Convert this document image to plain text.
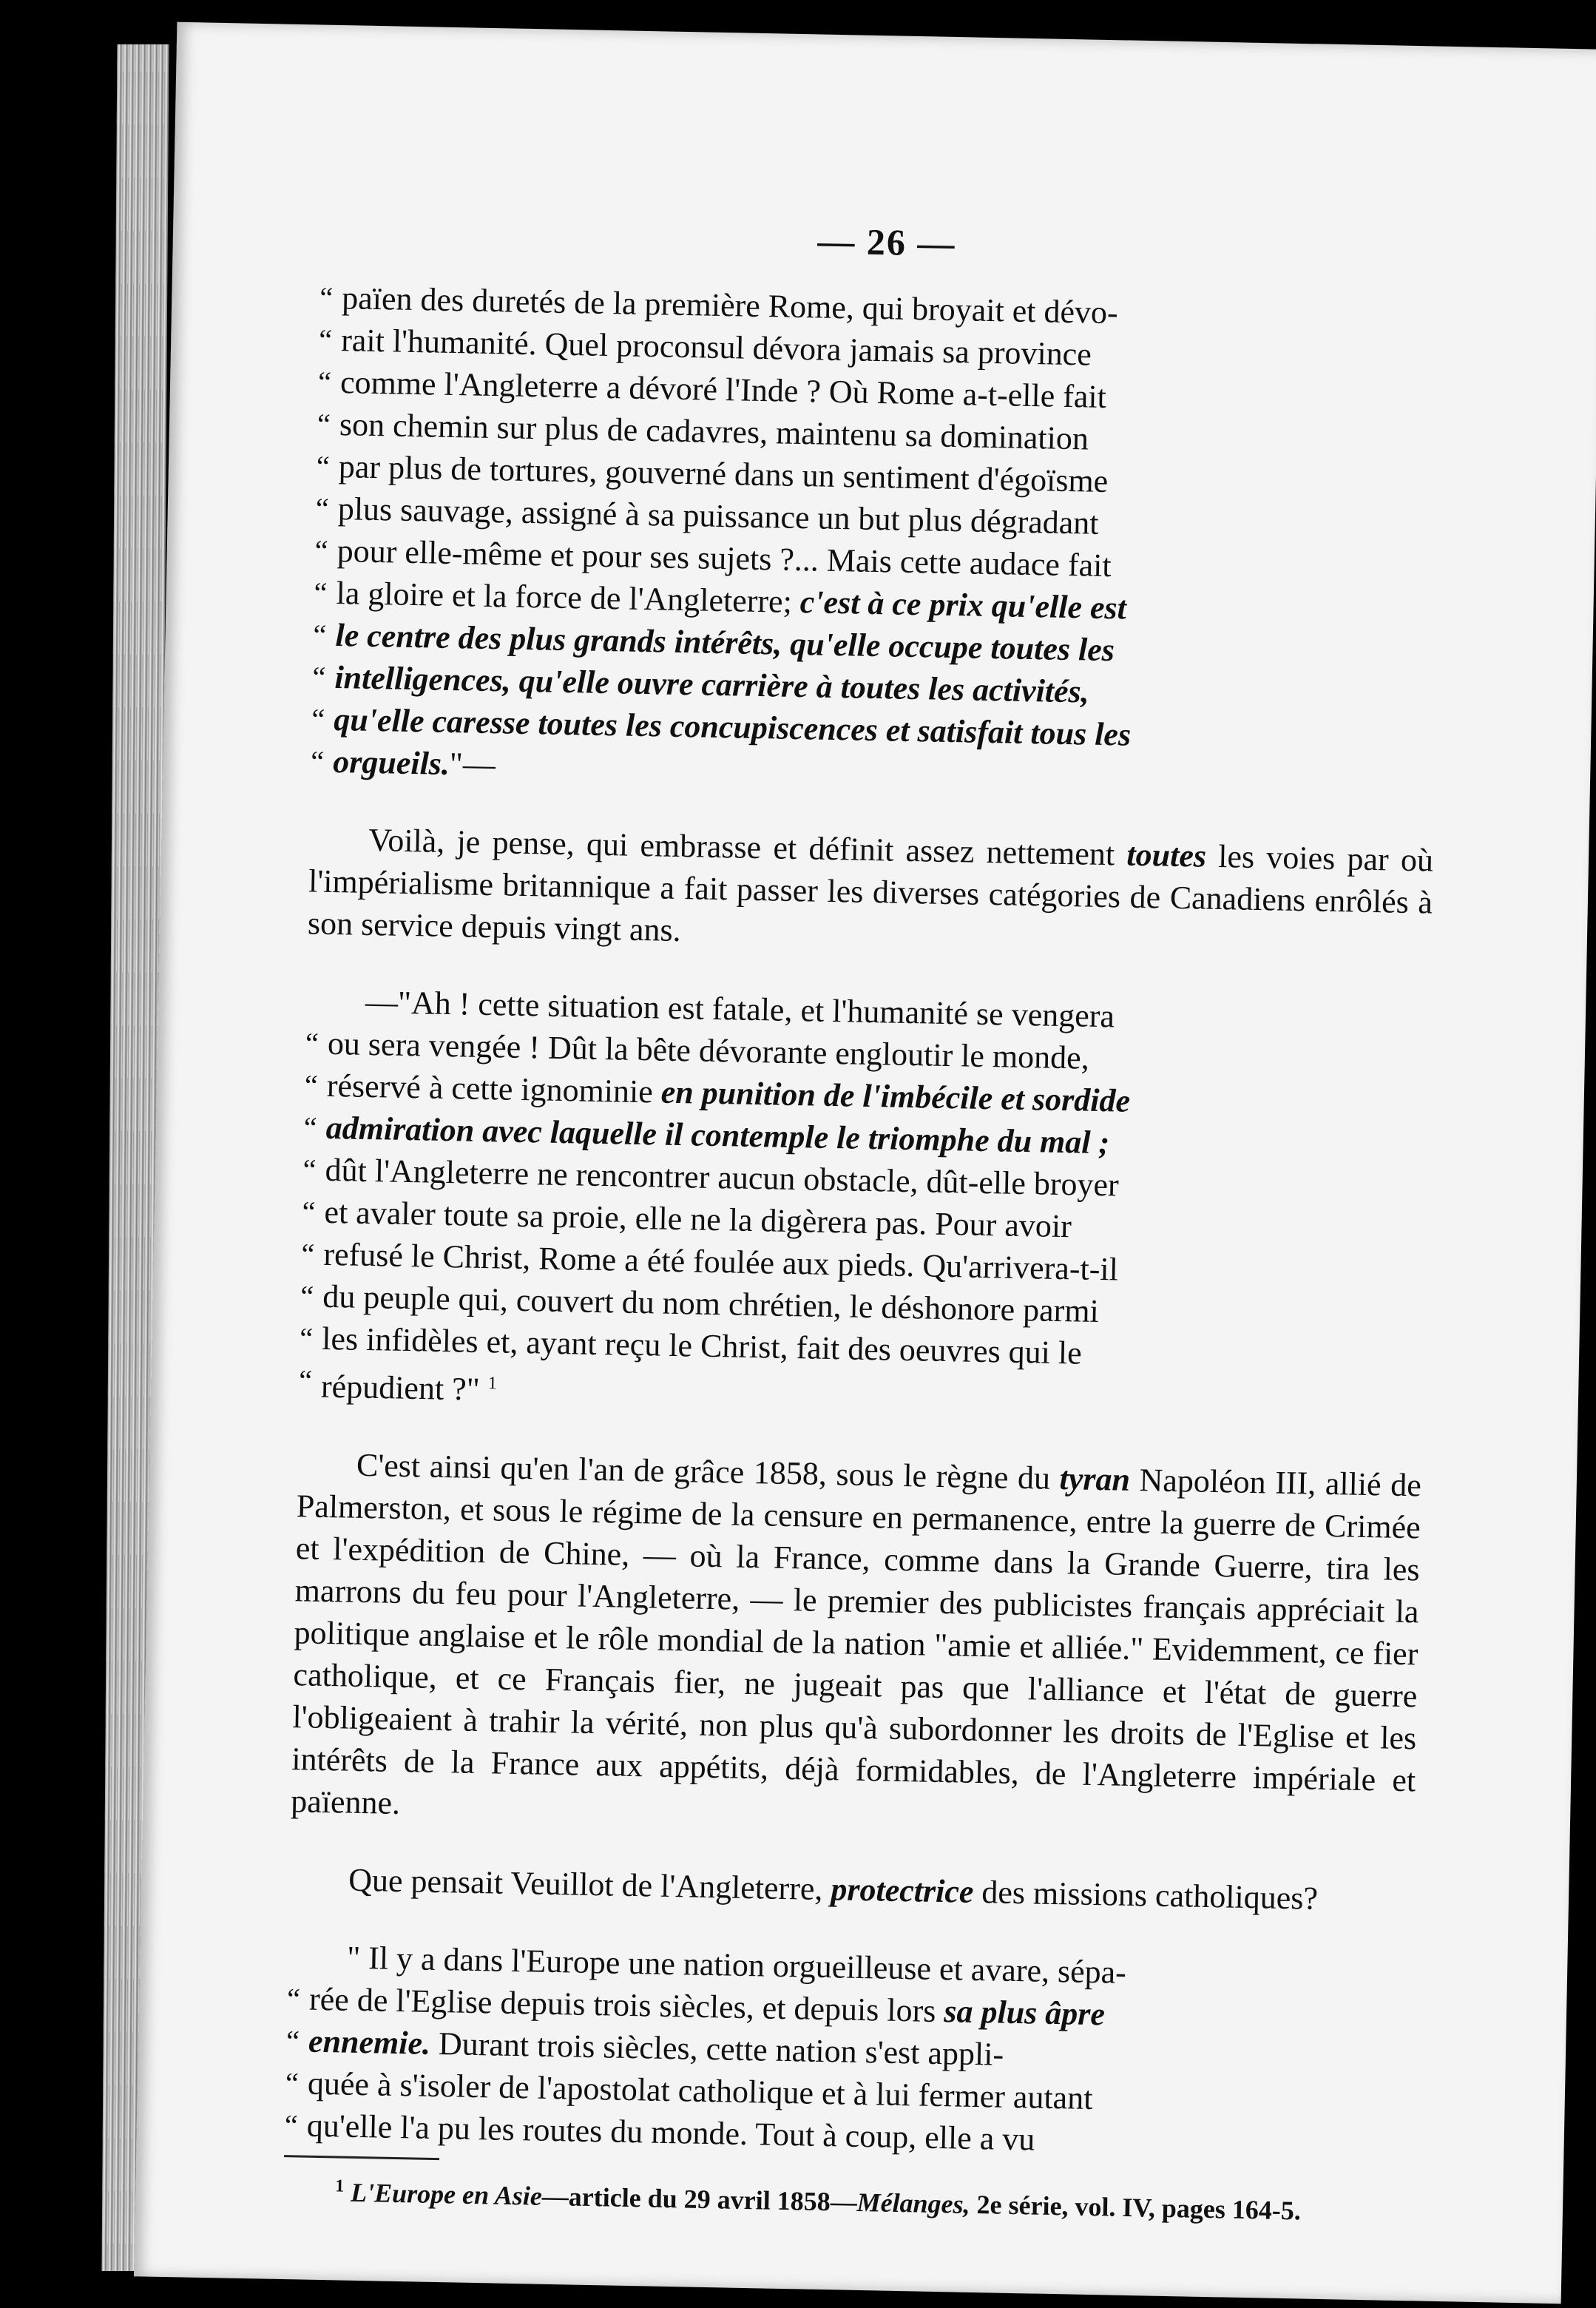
— 26 —
“ païen des duretés de la première Rome, qui broyait et dévo-
“ rait l'humanité. Quel proconsul dévora jamais sa province
“ comme l'Angleterre a dévoré l'Inde ? Où Rome a-t-elle fait
“ son chemin sur plus de cadavres, maintenu sa domination
“ par plus de tortures, gouverné dans un sentiment d'égoïsme
“ plus sauvage, assigné à sa puissance un but plus dégradant
“ pour elle-même et pour ses sujets ?... Mais cette audace fait
“ la gloire et la force de l'Angleterre; c'est à ce prix qu'elle est
“ le centre des plus grands intérêts, qu'elle occupe toutes les
“ intelligences, qu'elle ouvre carrière à toutes les activités,
“ qu'elle caresse toutes les concupiscences et satisfait tous les
“ orgueils."—

Voilà, je pense, qui embrasse et définit assez nettement toutes les voies par où l'impérialisme britannique a fait passer les diverses catégories de Canadiens enrôlés à son service depuis vingt ans.

—"Ah ! cette situation est fatale, et l'humanité se vengera
“ ou sera vengée ! Dût la bête dévorante engloutir le monde,
“ réservé à cette ignominie en punition de l'imbécile et sordide
“ admiration avec laquelle il contemple le triomphe du mal ;
“ dût l'Angleterre ne rencontrer aucun obstacle, dût-elle broyer
“ et avaler toute sa proie, elle ne la digèrera pas. Pour avoir
“ refusé le Christ, Rome a été foulée aux pieds. Qu'arrivera-t-il
“ du peuple qui, couvert du nom chrétien, le déshonore parmi
“ les infidèles et, ayant reçu le Christ, fait des oeuvres qui le
“ répudient ?" $^1$

C'est ainsi qu'en l'an de grâce 1858, sous le règne du tyran Napoléon III, allié de Palmerston, et sous le régime de la censure en permanence, entre la guerre de Crimée et l'expédition de Chine, — où la France, comme dans la Grande Guerre, tira les marrons du feu pour l'Angleterre, — le premier des publicistes français appréciait la politique anglaise et le rôle mondial de la nation "amie et alliée." Evidemment, ce fier catholique, et ce Français fier, ne jugeait pas que l'alliance et l'état de guerre l'obligeaient à trahir la vérité, non plus qu'à subordonner les droits de l'Eglise et les intérêts de la France aux appétits, déjà formidables, de l'Angleterre impériale et païenne.

Que pensait Veuillot de l'Angleterre, protectrice des missions catholiques?

" Il y a dans l'Europe une nation orgueilleuse et avare, sépa-
“ rée de l'Eglise depuis trois siècles, et depuis lors sa plus âpre
“ ennemie. Durant trois siècles, cette nation s'est appli-
“ quée à s'isoler de l'apostolat catholique et à lui fermer autant
“ qu'elle l'a pu les routes du monde. Tout à coup, elle a vu

$^1$ L'Europe en Asie—article du 29 avril 1858—Mélanges, 2e série, vol. IV, pages 164-5.
